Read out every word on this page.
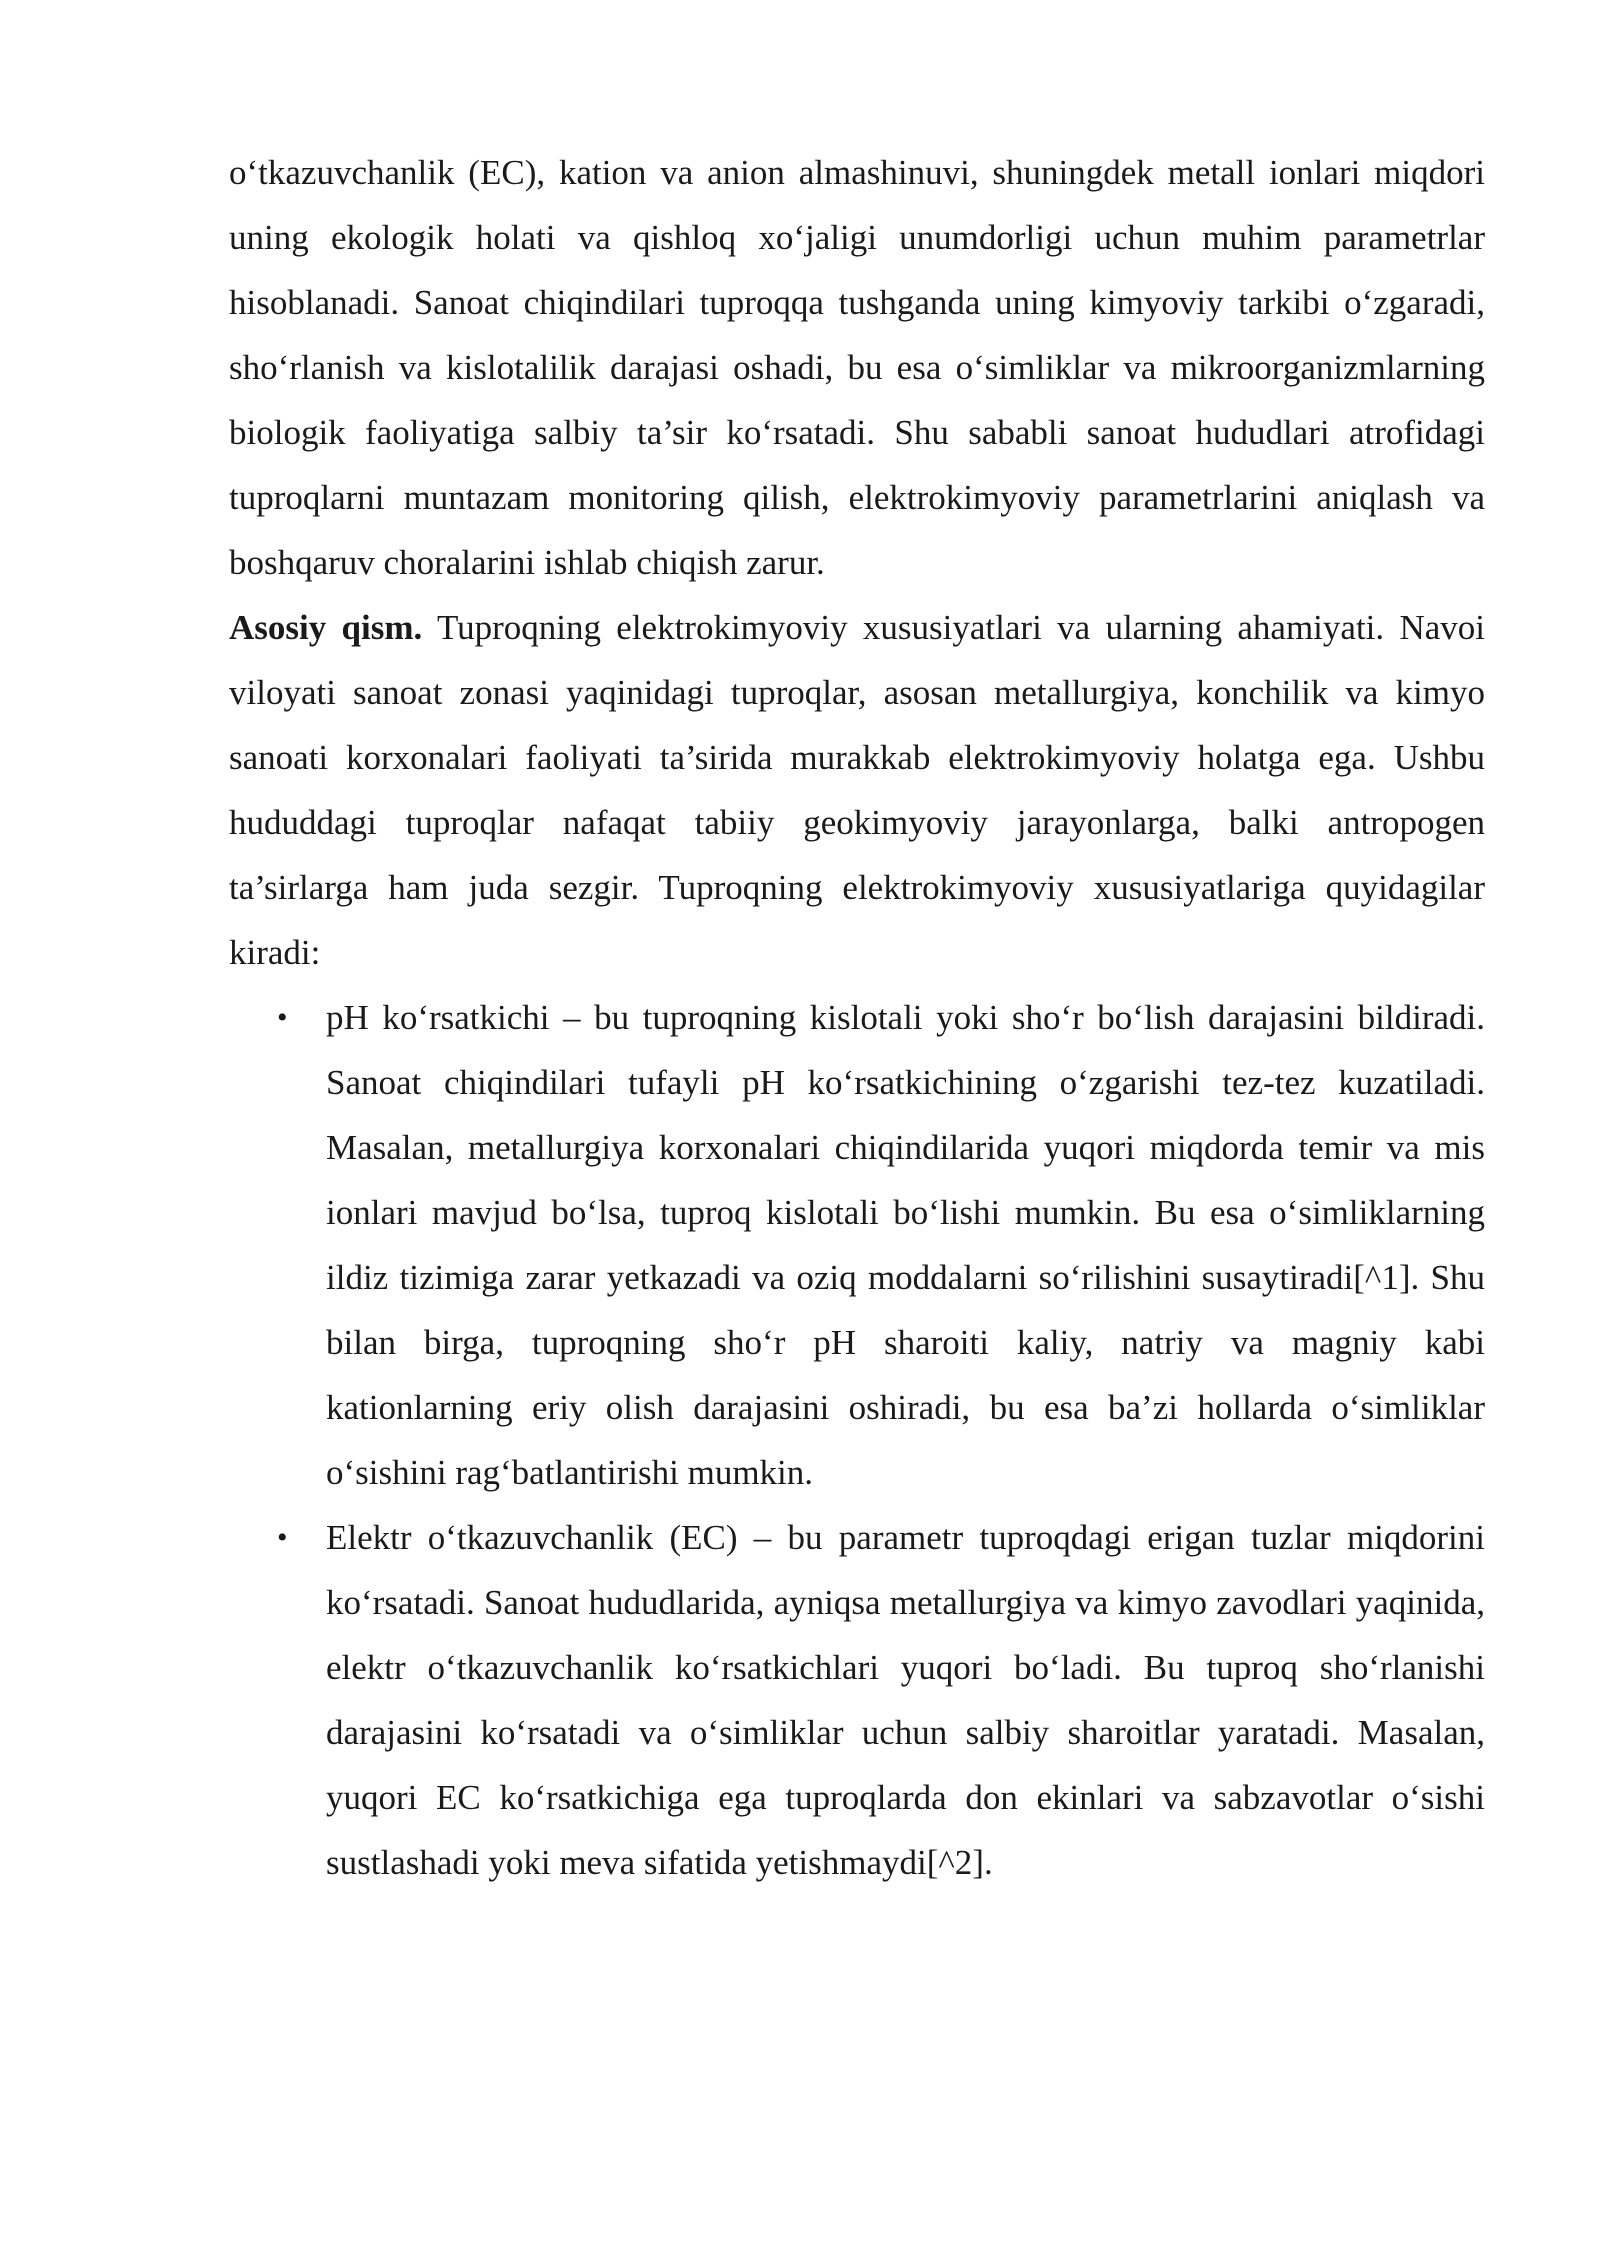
o‘tkazuvchanlik (EC), kation va anion almashinuvi, shuningdek metall ionlari miqdori uning ekologik holati va qishloq xo‘jaligi unumdorligi uchun muhim parametrlar hisoblanadi. Sanoat chiqindilari tuproqqa tushganda uning kimyoviy tarkibi o‘zgaradi, sho‘rlanish va kislotalilik darajasi oshadi, bu esa o‘simliklar va mikroorganizmlarning biologik faoliyatiga salbiy ta’sir ko‘rsatadi. Shu sababli sanoat hududlari atrofidagi tuproqlarni muntazam monitoring qilish, elektrokimyoviy parametrlarini aniqlash va boshqaruv choralarini ishlab chiqish zarur.

Asosiy qism. Tuproqning elektrokimyoviy xususiyatlari va ularning ahamiyati. Navoi viloyati sanoat zonasi yaqinidagi tuproqlar, asosan metallurgiya, konchilik va kimyo sanoati korxonalari faoliyati ta’sirida murakkab elektrokimyoviy holatga ega. Ushbu hududdagi tuproqlar nafaqat tabiiy geokimyoviy jarayonlarga, balki antropogen ta’sirlarga ham juda sezgir. Tuproqning elektrokimyoviy xususiyatlariga quyidagilar kiradi:

• pH ko‘rsatkichi – bu tuproqning kislotali yoki sho‘r bo‘lish darajasini bildiradi. Sanoat chiqindilari tufayli pH ko‘rsatkichining o‘zgarishi tez-tez kuzatiladi. Masalan, metallurgiya korxonalari chiqindilarida yuqori miqdorda temir va mis ionlari mavjud bo‘lsa, tuproq kislotali bo‘lishi mumkin. Bu esa o‘simliklarning ildiz tizimiga zarar yetkazadi va oziq moddalarni so‘rilishini susaytiradi[^1]. Shu bilan birga, tuproqning sho‘r pH sharoiti kaliy, natriy va magniy kabi kationlarning eriy olish darajasini oshiradi, bu esa ba’zi hollarda o‘simliklar o‘sishini rag‘batlantirishi mumkin.
• Elektr o‘tkazuvchanlik (EC) – bu parametr tuproqdagi erigan tuzlar miqdorini ko‘rsatadi. Sanoat hududlarida, ayniqsa metallurgiya va kimyo zavodlari yaqinida, elektr o‘tkazuvchanlik ko‘rsatkichlari yuqori bo‘ladi. Bu tuproq sho‘rlanishi darajasini ko‘rsatadi va o‘simliklar uchun salbiy sharoitlar yaratadi. Masalan, yuqori EC ko‘rsatkichiga ega tuproqlarda don ekinlari va sabzavotlar o‘sishi sustlashadi yoki meva sifatida yetishmaydi[^2].
